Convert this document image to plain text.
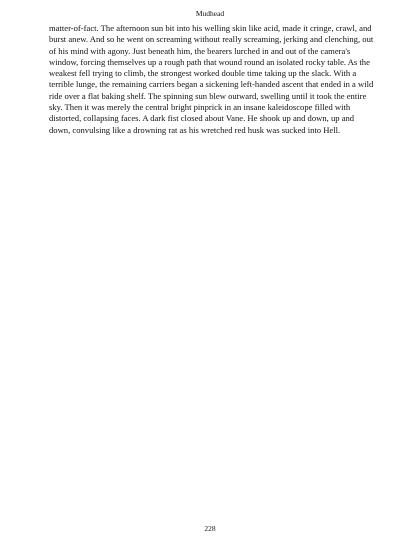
Mudhead

matter-of-fact. The afternoon sun bit into his welling skin like acid, made it cringe, crawl, and burst anew. And so he went on screaming without really screaming, jerking and clenching, out of his mind with agony. Just beneath him, the bearers lurched in and out of the camera's window, forcing themselves up a rough path that wound round an isolated rocky table. As the weakest fell trying to climb, the strongest worked double time taking up the slack. With a terrible lunge, the remaining carriers began a sickening left-handed ascent that ended in a wild ride over a flat baking shelf. The spinning sun blew outward, swelling until it took the entire sky. Then it was merely the central bright pinprick in an insane kaleidoscope filled with distorted, collapsing faces. A dark fist closed about Vane. He shook up and down, up and down, convulsing like a drowning rat as his wretched red husk was sucked into Hell.

228
